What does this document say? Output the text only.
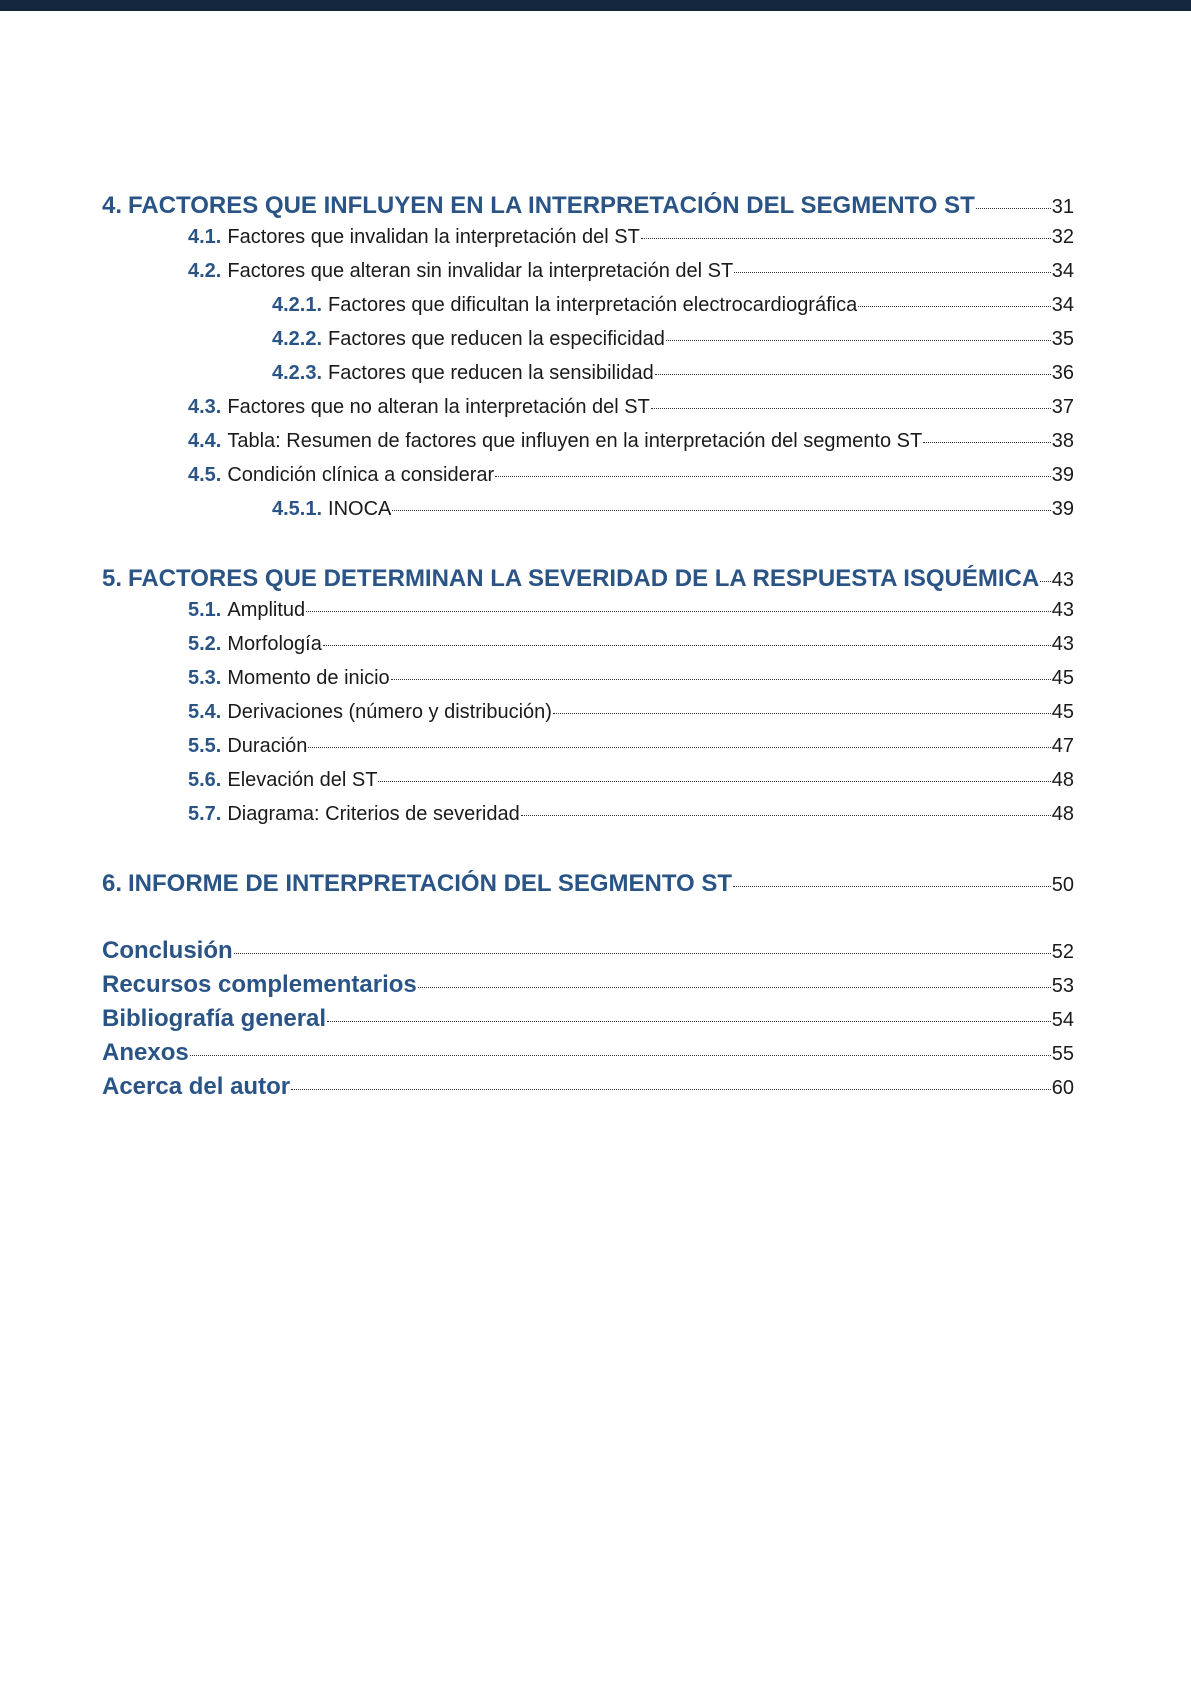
4. FACTORES QUE INFLUYEN EN LA INTERPRETACIÓN DEL SEGMENTO ST	31
4.1. Factores que invalidan la interpretación del ST	32
4.2. Factores que alteran sin invalidar la interpretación del ST	34
4.2.1. Factores que dificultan la interpretación electrocardiográfica	34
4.2.2. Factores que reducen la especificidad	35
4.2.3. Factores que reducen la sensibilidad	36
4.3. Factores que no alteran la interpretación del ST	37
4.4. Tabla: Resumen de factores que influyen en la interpretación del segmento ST	38
4.5. Condición clínica a considerar	39
4.5.1. INOCA	39
5. FACTORES QUE DETERMINAN LA SEVERIDAD DE LA RESPUESTA ISQUÉMICA 43
5.1. Amplitud	43
5.2. Morfología	43
5.3. Momento de inicio	45
5.4. Derivaciones (número y distribución)	45
5.5. Duración	47
5.6. Elevación del ST	48
5.7. Diagrama: Criterios de severidad	48
6. INFORME DE INTERPRETACIÓN DEL SEGMENTO ST	50
Conclusión	52
Recursos complementarios	53
Bibliografía general	54
Anexos	55
Acerca del autor	60
